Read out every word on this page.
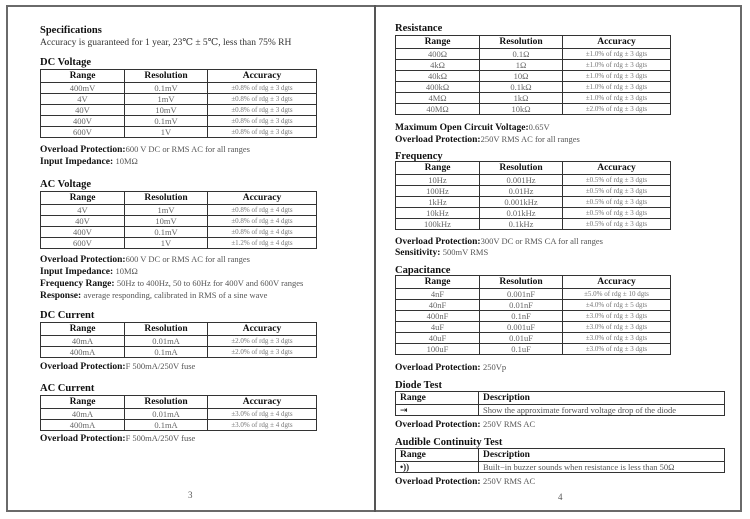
Specifications
Accuracy is guaranteed for 1 year, 23℃ ± 5℃, less than 75% RH
DC Voltage
Range	Resolution	Accuracy
400mV	0.1mV	±0.8% of rdg ± 3 dgts
4V	1mV	±0.8% of rdg ± 3 dgts
40V	10mV	±0.8% of rdg ± 3 dgts
400V	0.1mV	±0.8% of rdg ± 3 dgts
600V	1V	±0.8% of rdg ± 3 dgts
Overload Protection:600 V DC or RMS AC for all ranges
Input Impedance: 10MΩ
AC Voltage
Range	Resolution	Accuracy
4V	1mV	±0.8% of rdg ± 4 dgts
40V	10mV	±0.8% of rdg ± 4 dgts
400V	0.1mV	±0.8% of rdg ± 4 dgts
600V	1V	±1.2% of rdg ± 4 dgts
Overload Protection:600 V DC or RMS AC for all ranges
Input Impedance: 10MΩ
Frequency Range: 50Hz to 400Hz, 50 to 60Hz for 400V and 600V ranges
Response: average responding, calibrated in RMS of a sine wave
DC Current
Range	Resolution	Accuracy
40mA	0.01mA	±2.0% of rdg ± 3 dgts
400mA	0.1mA	±2.0% of rdg ± 3 dgts
Overload Protection:F 500mA/250V fuse
AC Current
Range	Resolution	Accuracy
40mA	0.01mA	±3.0% of rdg ± 4 dgts
400mA	0.1mA	±3.0% of rdg ± 4 dgts
Overload Protection:F 500mA/250V fuse
3
Resistance
Range	Resolution	Accuracy
400Ω	0.1Ω	±1.0% of rdg ± 3 dgts
4kΩ	1Ω	±1.0% of rdg ± 3 dgts
40kΩ	10Ω	±1.0% of rdg ± 3 dgts
400kΩ	0.1kΩ	±1.0% of rdg ± 3 dgts
4MΩ	1kΩ	±1.0% of rdg ± 3 dgts
40MΩ	10kΩ	±2.0% of rdg ± 3 dgts
Maximum Open Circuit Voltage:0.65V
Overload Protection:250V RMS AC for all ranges
Frequency
Range	Resolution	Accuracy
10Hz	0.001Hz	±0.5% of rdg ± 3 dgts
100Hz	0.01Hz	±0.5% of rdg ± 3 dgts
1kHz	0.001kHz	±0.5% of rdg ± 3 dgts
10kHz	0.01kHz	±0.5% of rdg ± 3 dgts
100kHz	0.1kHz	±0.5% of rdg ± 3 dgts
Overload Protection:300V DC or RMS CA for all ranges
Sensitivity: 500mV RMS
Capacitance
Range	Resolution	Accuracy
4nF	0.001nF	±5.0% of rdg ± 10 dgts
40nF	0.01nF	±4.0% of rdg ± 5 dgts
400nF	0.1nF	±3.0% of rdg ± 3 dgts
4uF	0.001uF	±3.0% of rdg ± 3 dgts
40uF	0.01uF	±3.0% of rdg ± 3 dgts
100uF	0.1uF	±3.0% of rdg ± 3 dgts
Overload Protection: 250Vp
Diode Test
Range	Description
⇥	Show the approximate forward voltage drop of the diode
Overload Protection: 250V RMS AC
Audible Continuity Test
Range	Description
•))	Built−in buzzer sounds when resistance is less than 50Ω
Overload Protection: 250V RMS AC
4
